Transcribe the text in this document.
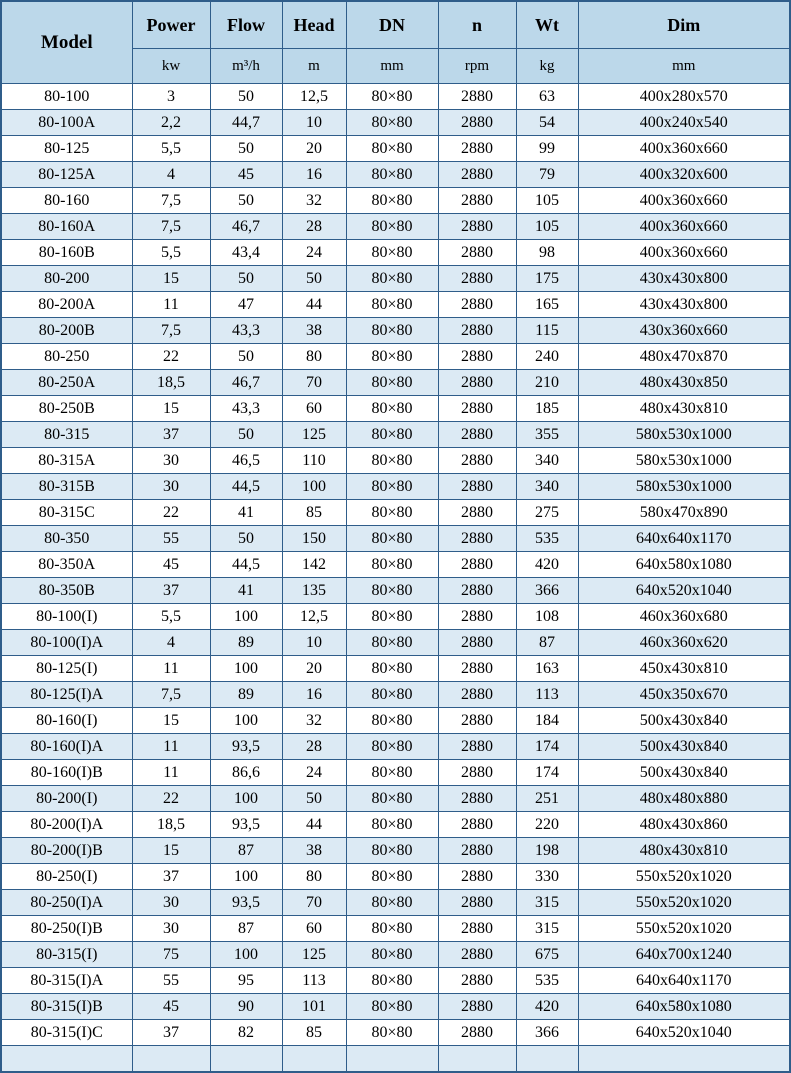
Model	Power	Flow	Head	DN	n	Wt	Dim
	kw	m³/h	m	mm	rpm	kg	mm
80-100	3	50	12,5	80×80	2880	63	400x280x570
80-100A	2,2	44,7	10	80×80	2880	54	400x240x540
80-125	5,5	50	20	80×80	2880	99	400x360x660
80-125A	4	45	16	80×80	2880	79	400x320x600
80-160	7,5	50	32	80×80	2880	105	400x360x660
80-160A	7,5	46,7	28	80×80	2880	105	400x360x660
80-160B	5,5	43,4	24	80×80	2880	98	400x360x660
80-200	15	50	50	80×80	2880	175	430x430x800
80-200A	11	47	44	80×80	2880	165	430x430x800
80-200B	7,5	43,3	38	80×80	2880	115	430x360x660
80-250	22	50	80	80×80	2880	240	480x470x870
80-250A	18,5	46,7	70	80×80	2880	210	480x430x850
80-250B	15	43,3	60	80×80	2880	185	480x430x810
80-315	37	50	125	80×80	2880	355	580x530x1000
80-315A	30	46,5	110	80×80	2880	340	580x530x1000
80-315B	30	44,5	100	80×80	2880	340	580x530x1000
80-315C	22	41	85	80×80	2880	275	580x470x890
80-350	55	50	150	80×80	2880	535	640x640x1170
80-350A	45	44,5	142	80×80	2880	420	640x580x1080
80-350B	37	41	135	80×80	2880	366	640x520x1040
80-100(I)	5,5	100	12,5	80×80	2880	108	460x360x680
80-100(I)A	4	89	10	80×80	2880	87	460x360x620
80-125(I)	11	100	20	80×80	2880	163	450x430x810
80-125(I)A	7,5	89	16	80×80	2880	113	450x350x670
80-160(I)	15	100	32	80×80	2880	184	500x430x840
80-160(I)A	11	93,5	28	80×80	2880	174	500x430x840
80-160(I)B	11	86,6	24	80×80	2880	174	500x430x840
80-200(I)	22	100	50	80×80	2880	251	480x480x880
80-200(I)A	18,5	93,5	44	80×80	2880	220	480x430x860
80-200(I)B	15	87	38	80×80	2880	198	480x430x810
80-250(I)	37	100	80	80×80	2880	330	550x520x1020
80-250(I)A	30	93,5	70	80×80	2880	315	550x520x1020
80-250(I)B	30	87	60	80×80	2880	315	550x520x1020
80-315(I)	75	100	125	80×80	2880	675	640x700x1240
80-315(I)A	55	95	113	80×80	2880	535	640x640x1170
80-315(I)B	45	90	101	80×80	2880	420	640x580x1080
80-315(I)C	37	82	85	80×80	2880	366	640x520x1040
